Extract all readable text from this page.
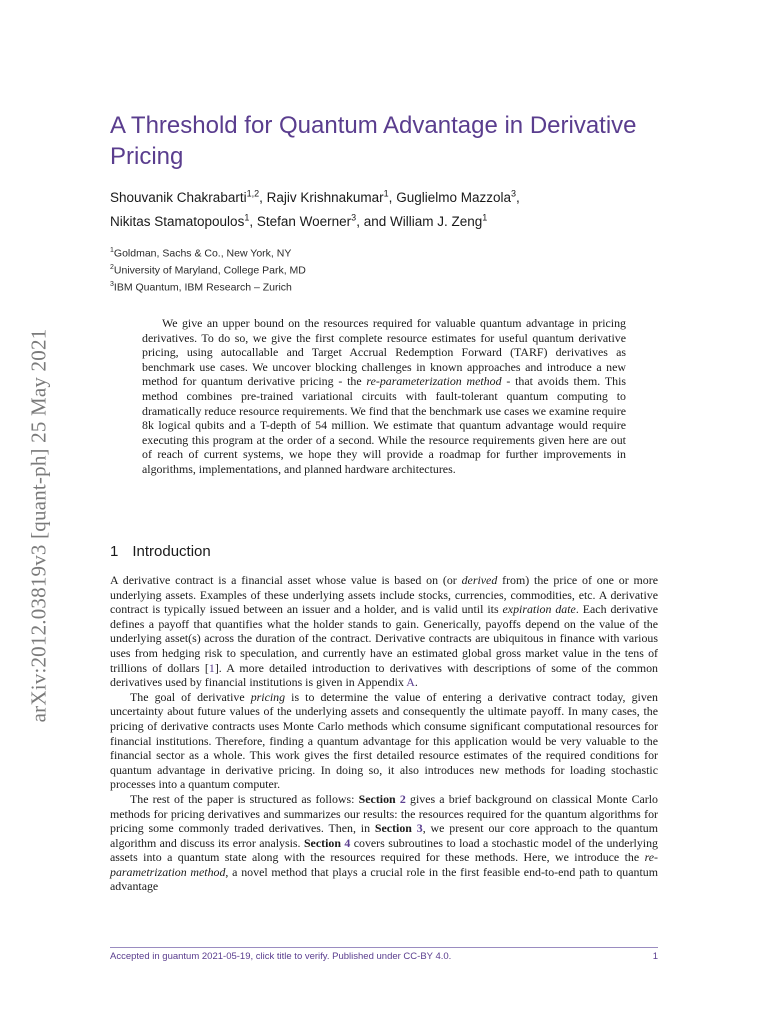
arXiv:2012.03819v3 [quant-ph] 25 May 2021
A Threshold for Quantum Advantage in Derivative Pricing
Shouvanik Chakrabarti$^{1,2}$, Rajiv Krishnakumar$^1$, Guglielmo Mazzola$^3$,
Nikitas Stamatopoulos$^1$, Stefan Woerner$^3$, and William J. Zeng$^1$
$^1$Goldman, Sachs & Co., New York, NY
$^2$University of Maryland, College Park, MD
$^3$IBM Quantum, IBM Research – Zurich

We give an upper bound on the resources required for valuable quantum advantage in pricing derivatives. To do so, we give the first complete resource estimates for useful quantum derivative pricing, using autocallable and Target Accrual Redemption Forward (TARF) derivatives as benchmark use cases. We uncover blocking challenges in known approaches and introduce a new method for quantum derivative pricing - the re-parameterization method - that avoids them. This method combines pre-trained variational circuits with fault-tolerant quantum computing to dramatically reduce resource requirements. We find that the benchmark use cases we examine require 8k logical qubits and a T-depth of 54 million. We estimate that quantum advantage would require executing this program at the order of a second. While the resource requirements given here are out of reach of current systems, we hope they will provide a roadmap for further improvements in algorithms, implementations, and planned hardware architectures.

1 Introduction

A derivative contract is a financial asset whose value is based on (or derived from) the price of one or more underlying assets. Examples of these underlying assets include stocks, currencies, commodities, etc. A derivative contract is typically issued between an issuer and a holder, and is valid until its expiration date. Each derivative defines a payoff that quantifies what the holder stands to gain. Generically, payoffs depend on the value of the underlying asset(s) across the duration of the contract. Derivative contracts are ubiquitous in finance with various uses from hedging risk to speculation, and currently have an estimated global gross market value in the tens of trillions of dollars [1]. A more detailed introduction to derivatives with descriptions of some of the common derivatives used by financial institutions is given in Appendix A.

The goal of derivative pricing is to determine the value of entering a derivative contract today, given uncertainty about future values of the underlying assets and consequently the ultimate payoff. In many cases, the pricing of derivative contracts uses Monte Carlo methods which consume significant computational resources for financial institutions. Therefore, finding a quantum advantage for this application would be very valuable to the financial sector as a whole. This work gives the first detailed resource estimates of the required conditions for quantum advantage in derivative pricing. In doing so, it also introduces new methods for loading stochastic processes into a quantum computer.

The rest of the paper is structured as follows: Section 2 gives a brief background on classical Monte Carlo methods for pricing derivatives and summarizes our results: the resources required for the quantum algorithms for pricing some commonly traded derivatives. Then, in Section 3, we present our core approach to the quantum algorithm and discuss its error analysis. Section 4 covers subroutines to load a stochastic model of the underlying assets into a quantum state along with the resources required for these methods. Here, we introduce the re-parametrization method, a novel method that plays a crucial role in the first feasible end-to-end path to quantum advantage

Accepted in ɡuantum 2021-05-19, click title to verify. Published under CC-BY 4.0.	1
